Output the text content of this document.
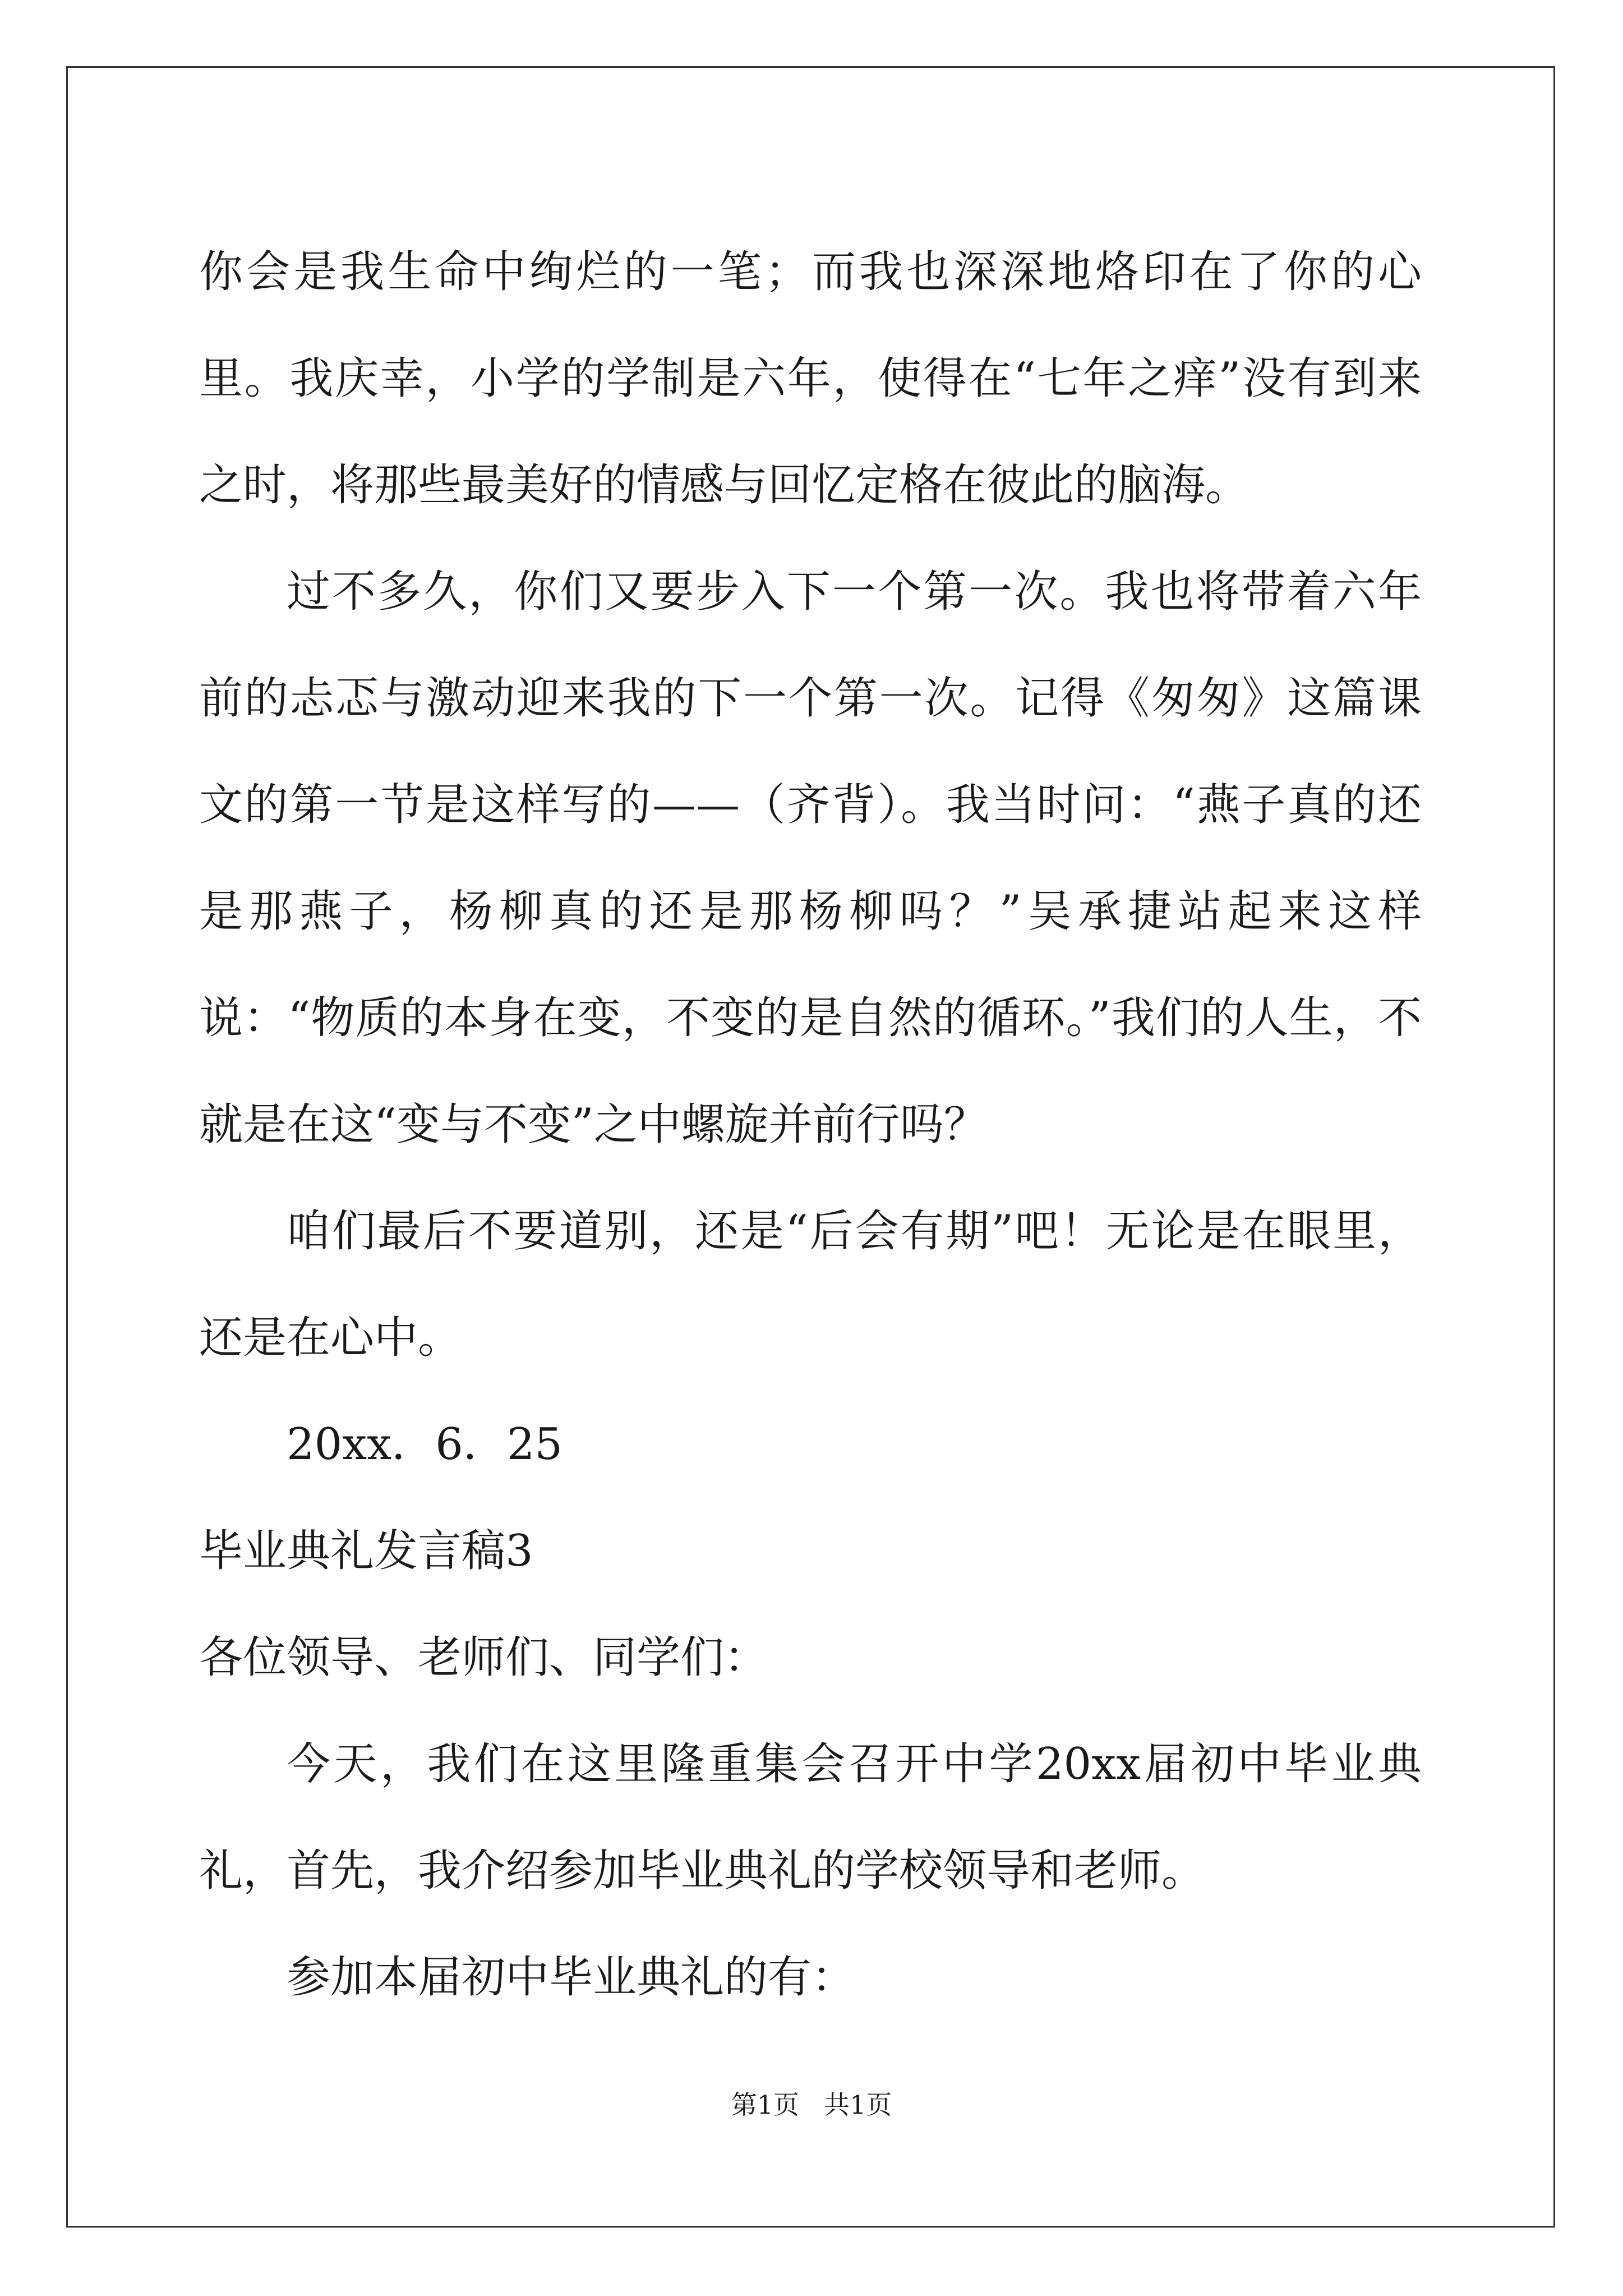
你会是我生命中绚烂的一笔；而我也深深地烙印在了你的心里。我庆幸，小学的学制是六年，使得在“七年之痒”没有到来之时，将那些最美好的情感与回忆定格在彼此的脑海。

过不多久，你们又要步入下一个第一次。我也将带着六年前的忐忑与激动迎来我的下一个第一次。记得《匆匆》这篇课文的第一节是这样写的——（齐背）。我当时问：“燕子真的还是那燕子，杨柳真的还是那杨柳吗？”吴承捷站起来这样说：“物质的本身在变，不变的是自然的循环。”我们的人生，不就是在这“变与不变”之中螺旋并前行吗？

咱们最后不要道别，还是“后会有期”吧！无论是在眼里，还是在心中。

20xx．6．25

毕业典礼发言稿3

各位领导、老师们、同学们：

今天，我们在这里隆重集会召开中学20xx届初中毕业典礼，首先，我介绍参加毕业典礼的学校领导和老师。

参加本届初中毕业典礼的有：

第1页 共1页
